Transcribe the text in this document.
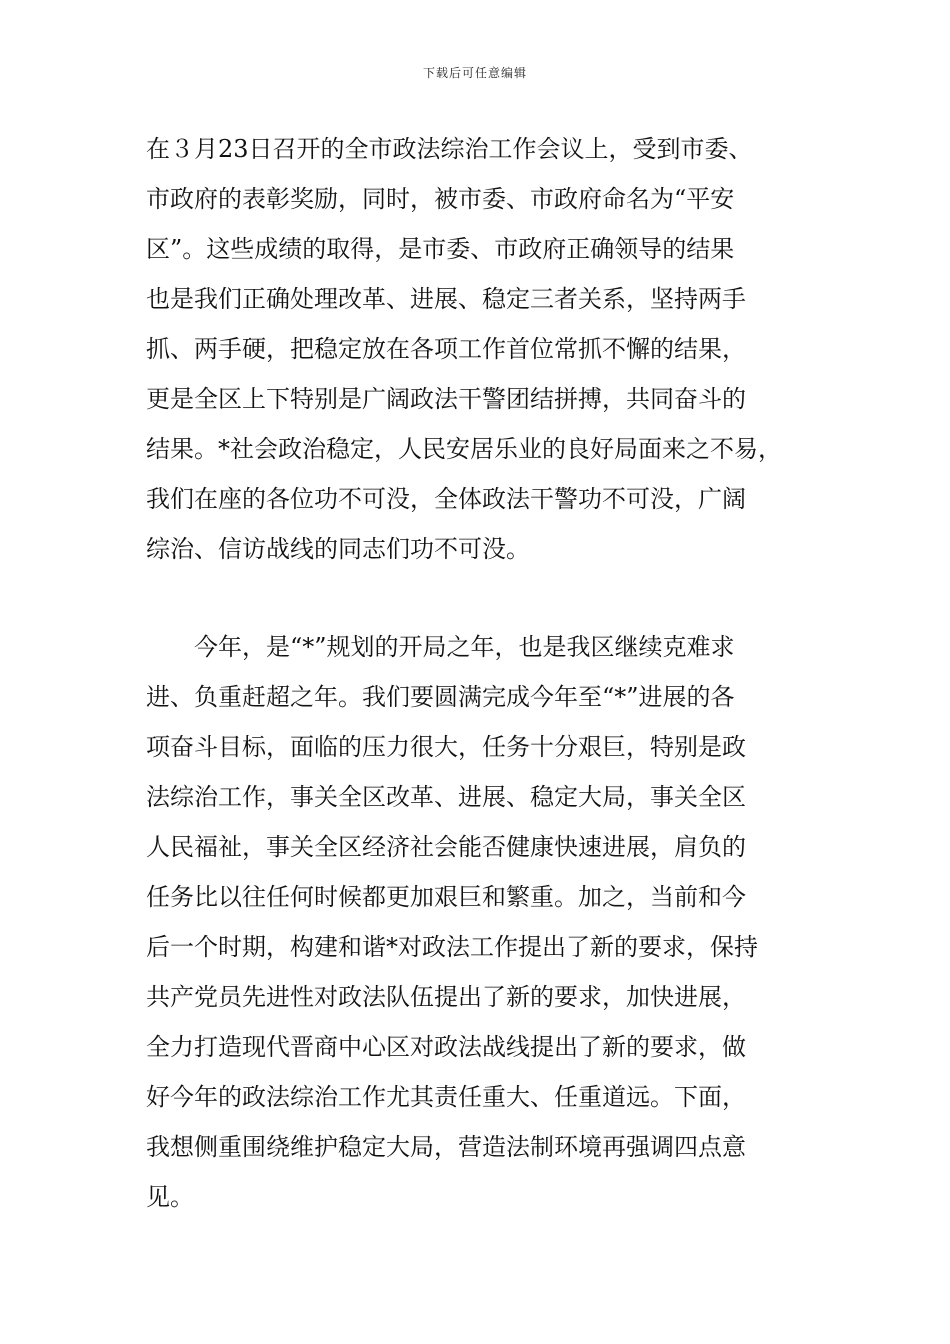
下载后可任意编辑
在３月23日召开的全市政法综治工作会议上，受到市委、
市政府的表彰奖励，同时，被市委、市政府命名为“平安
区”。这些成绩的取得，是市委、市政府正确领导的结果
也是我们正确处理改革、进展、稳定三者关系，坚持两手
抓、两手硬，把稳定放在各项工作首位常抓不懈的结果，
更是全区上下特别是广阔政法干警团结拼搏，共同奋斗的
结果。*社会政治稳定，人民安居乐业的良好局面来之不易，
我们在座的各位功不可没，全体政法干警功不可没，广阔
综治、信访战线的同志们功不可没。
今年，是“*”规划的开局之年，也是我区继续克难求
进、负重赶超之年。我们要圆满完成今年至“*”进展的各
项奋斗目标，面临的压力很大，任务十分艰巨，特别是政
法综治工作，事关全区改革、进展、稳定大局，事关全区
人民福祉，事关全区经济社会能否健康快速进展，肩负的
任务比以往任何时候都更加艰巨和繁重。加之，当前和今
后一个时期，构建和谐*对政法工作提出了新的要求，保持
共产党员先进性对政法队伍提出了新的要求，加快进展，
全力打造现代晋商中心区对政法战线提出了新的要求，做
好今年的政法综治工作尤其责任重大、任重道远。下面，
我想侧重围绕维护稳定大局，营造法制环境再强调四点意
见。
